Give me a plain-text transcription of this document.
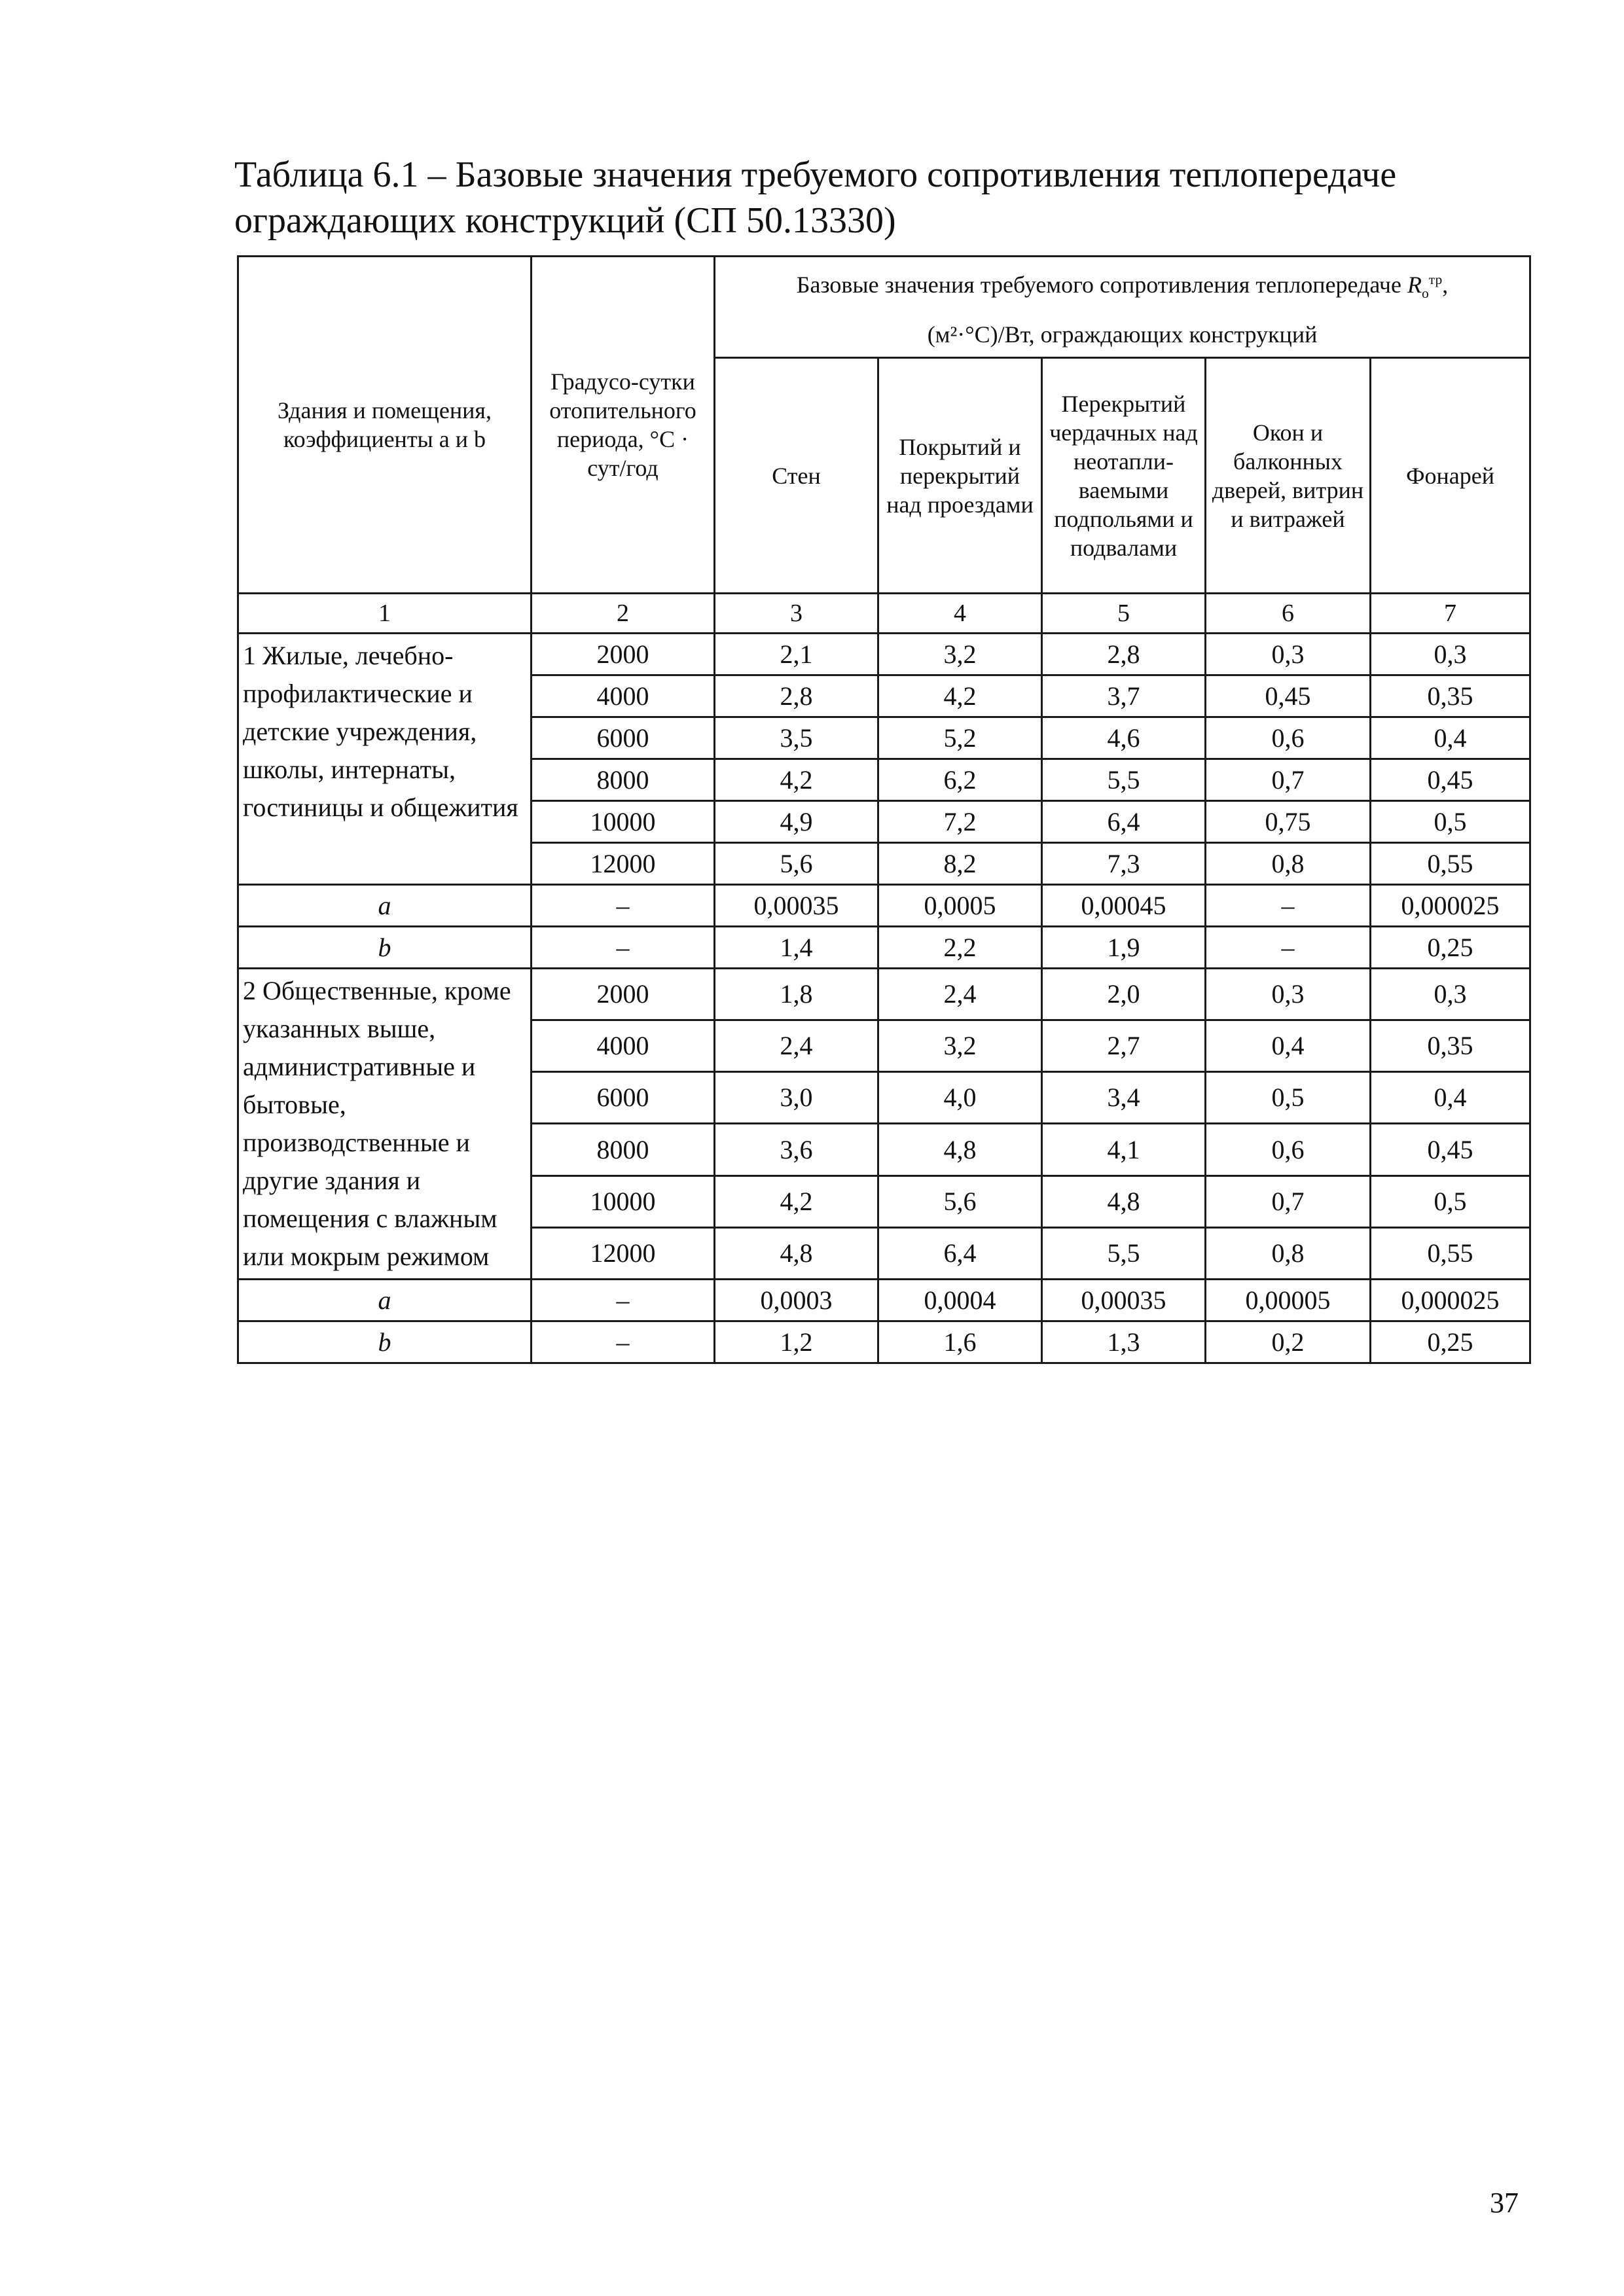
Таблица 6.1 – Базовые значения требуемого сопротивления теплопередаче
ограждающих конструкций (СП 50.13330)
Здания и помещения, коэффициенты a и b	Градусо-сутки отопительного периода, °С · сут/год	Базовые значения требуемого сопротивления теплопередаче $R_о^{тр}$,
(м²·°С)/Вт, ограждающих конструкций				
		Стен	Покрытий и перекрытий над проездами	Перекрытий чердачных над неотапли-ваемыми подпольями и подвалами	Окон и балконных дверей, витрин и витражей	Фонарей
1	2	3	4	5	6	7
1 Жилые, лечебно-профилактические и детские учреждения, школы, интернаты, гостиницы и общежития	2000	2,1	3,2	2,8	0,3	0,3
	4000	2,8	4,2	3,7	0,45	0,35
	6000	3,5	5,2	4,6	0,6	0,4
	8000	4,2	6,2	5,5	0,7	0,45
	10000	4,9	7,2	6,4	0,75	0,5
	12000	5,6	8,2	7,3	0,8	0,55
a	–	0,00035	0,0005	0,00045	–	0,000025
b	–	1,4	2,2	1,9	–	0,25
2 Общественные, кроме указанных выше, административные и бытовые, производственные и другие здания и помещения с влажным или мокрым режимом	2000	1,8	2,4	2,0	0,3	0,3
	4000	2,4	3,2	2,7	0,4	0,35
	6000	3,0	4,0	3,4	0,5	0,4
	8000	3,6	4,8	4,1	0,6	0,45
	10000	4,2	5,6	4,8	0,7	0,5
	12000	4,8	6,4	5,5	0,8	0,55
a	–	0,0003	0,0004	0,00035	0,00005	0,000025
b	–	1,2	1,6	1,3	0,2	0,25
37
